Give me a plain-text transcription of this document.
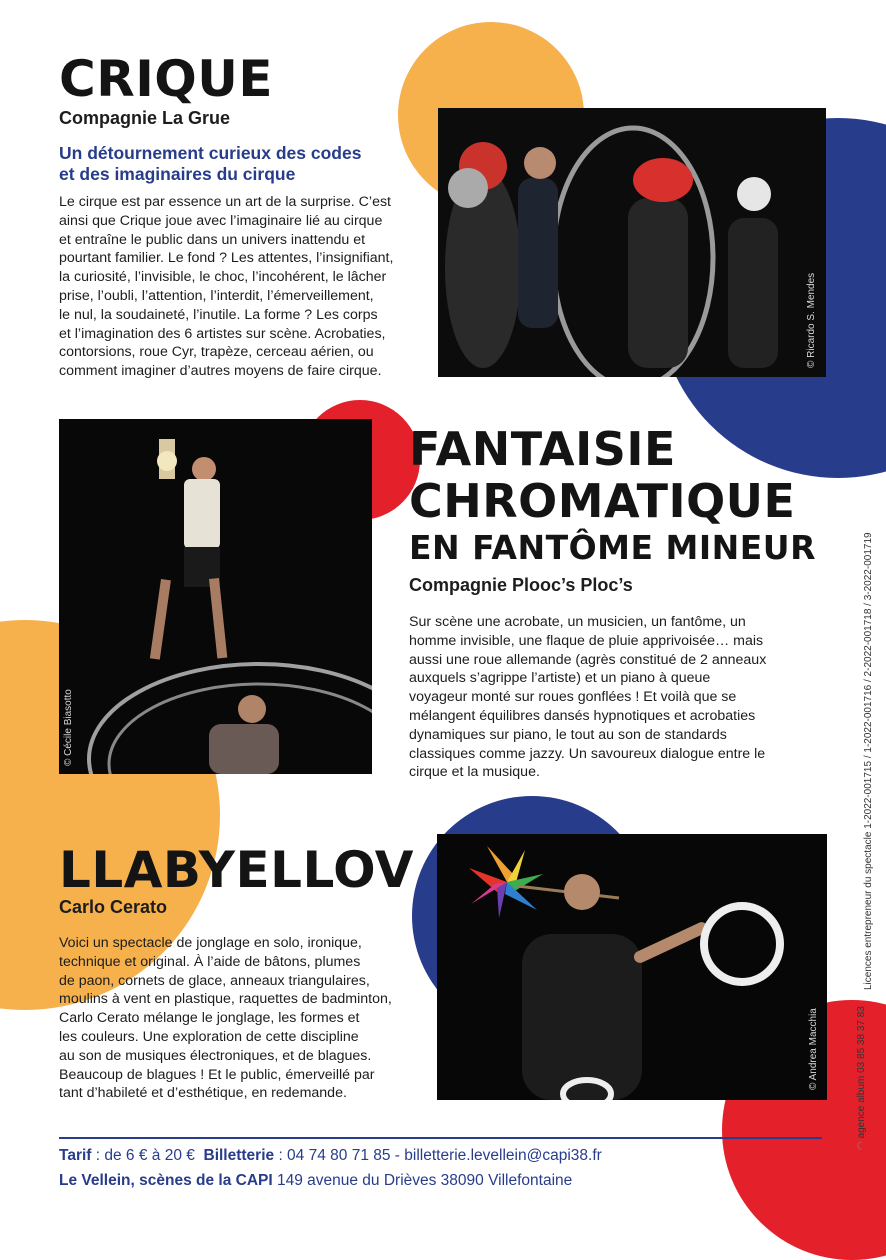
CRIQUE

Compagnie La Grue

Un détournement curieux des codes
et des imaginaires du cirque

Le cirque est par essence un art de la surprise. C’est
ainsi que Crique joue avec l’imaginaire lié au cirque
et entraîne le public dans un univers inattendu et
pourtant familier. Le fond ? Les attentes, l’insignifiant,
la curiosité, l’invisible, le choc, l’incohérent, le lâcher
prise, l’oubli, l’attention, l’interdit, l’émerveillement,
le nul, la soudaineté, l’inutile. La forme ? Les corps
et l’imagination des 6 artistes sur scène. Acrobaties,
contorsions, roue Cyr, trapèze, cerceau aérien, ou
comment imaginer d’autres moyens de faire cirque.

© Ricardo S. Mendes
© Cécile Biasotto
FANTAISIE
CHROMATIQUE
EN FANTÔME MINEUR

Compagnie Plooc’s Ploc’s

Sur scène une acrobate, un musicien, un fantôme, un
homme invisible, une flaque de pluie apprivoisée… mais
aussi une roue allemande (agrès constitué de 2 anneaux
auxquels s’agrippe l’artiste) et un piano à queue
voyageur monté sur roues gonflées ! Et voilà que se
mélangent équilibres dansés hypnotiques et acrobaties
dynamiques sur piano, le tout au son de standards
classiques comme jazzy. Un savoureux dialogue entre le
cirque et la musique.

LLABYELLOV

Carlo Cerato

Voici un spectacle de jonglage en solo, ironique,
technique et original. À l’aide de bâtons, plumes
de paon, cornets de glace, anneaux triangulaires,
moulins à vent en plastique, raquettes de badminton,
Carlo Cerato mélange le jonglage, les formes et
les couleurs. Une exploration de cette discipline
au son de musiques électroniques, et de blagues.
Beaucoup de blagues ! Et le public, émerveillé par
tant d’habileté et d’esthétique, en redemande.

© Andrea Macchia
Licences entrepreneur du spectacle 1-2022-001715 / 1-2022-001716 / 2-2022-001718 / 3-2022-001719
◠ agence album 03 85 38 37 83
Tarif : de 6 € à 20 € Billetterie : 04 74 80 71 85 - billetterie.levellein@capi38.fr
Le Vellein, scènes de la CAPI 149 avenue du Drièves 38090 Villefontaine
